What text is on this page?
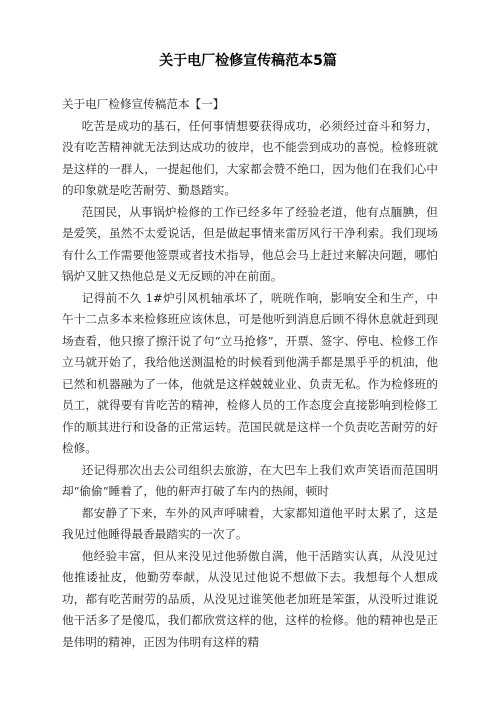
关于电厂检修宣传稿范本5篇

关于电厂检修宣传稿范本【一】

吃苦是成功的基石，任何事情想要获得成功，必须经过奋斗和努力，没有吃苦精神就无法到达成功的彼岸，也不能尝到成功的喜悦。检修班就是这样的一群人，一提起他们，大家都会赞不绝口，因为他们在我们心中的印象就是吃苦耐劳、勤恳踏实。

范国民，从事锅炉检修的工作已经多年了经验老道，他有点腼腆，但是爱笑，虽然不太爱说话，但是做起事情来雷厉风行干净利索。我们现场有什么工作需要他签票或者技术指导，他总会马上赶过来解决问题，哪怕锅炉又脏又热他总是义无反顾的冲在前面。

记得前不久 1#炉引风机轴承坏了，咣咣作响，影响安全和生产，中午十二点多本来检修班应该休息，可是他听到消息后顾不得休息就赶到现场查看，他只擦了擦汗说了句“立马抢修”，开票、签字、停电、检修工作立马就开始了，我给他送测温枪的时候看到他满手都是黑乎乎的机油，他已然和机器融为了一体，他就是这样兢兢业业、负责无私。作为检修班的员工，就得要有肯吃苦的精神，检修人员的工作态度会直接影响到检修工作的顺其进行和设备的正常运转。范国民就是这样一个负责吃苦耐劳的好检修。

还记得那次出去公司组织去旅游，在大巴车上我们欢声笑语而范国明却“偷偷”睡着了，他的鼾声打破了车内的热闹，顿时

都安静了下来，车外的风声呼啸着，大家都知道他平时太累了，这是我见过他睡得最香最踏实的一次了。

他经验丰富，但从来没见过他骄傲自满，他干活踏实认真，从没见过他推诿扯皮，他勤劳奉献，从没见过他说不想做下去。我想每个人想成功，都有吃苦耐劳的品质，从没见过谁笑他老加班是笨蛋，从没听过谁说他干活多了是傻瓜，我们都欣赏这样的他，这样的检修。他的精神也是正是伟明的精神，正因为伟明有这样的精
